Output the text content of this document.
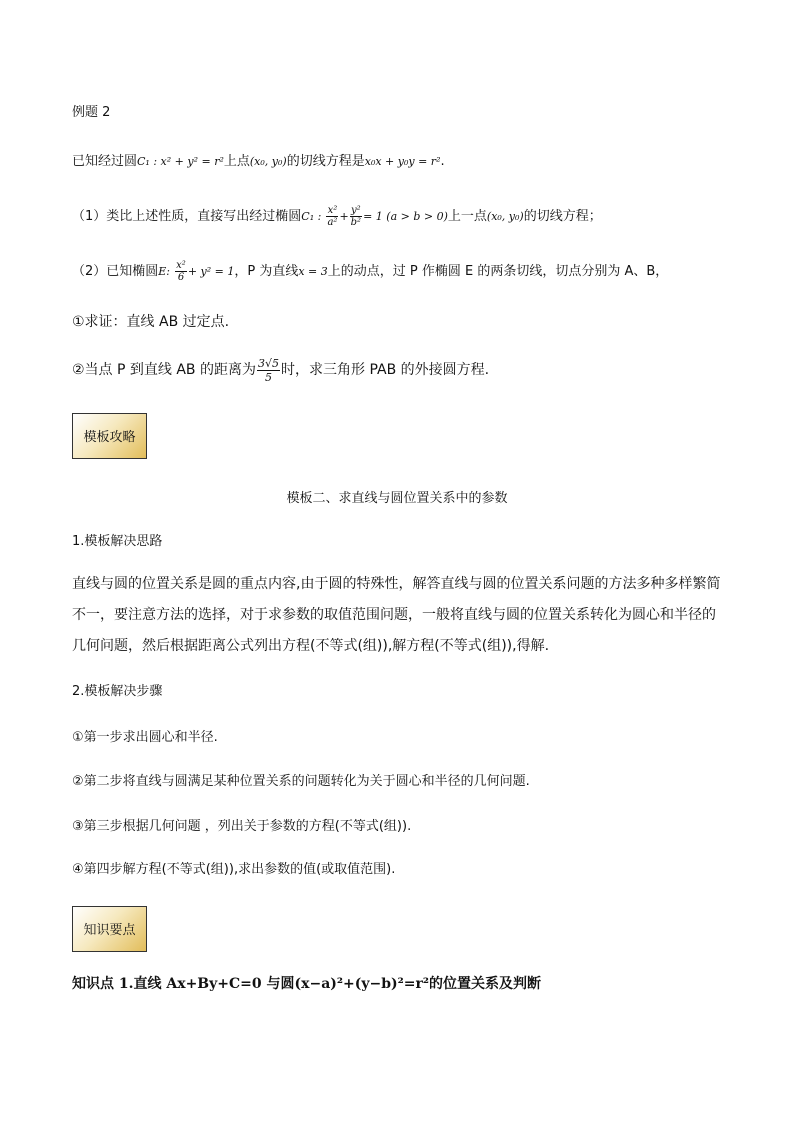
例题 2
已知经过圆C₁ : x² + y² = r²上点(x₀, y₀)的切线方程是x₀x + y₀y = r².
（1）类比上述性质，直接写出经过椭圆C₁ : $\frac{\text{x²}}{\text{a²}} + \frac{\text{y²}}{\text{b²}} = 1$ (a > b > 0)上一点(x₀, y₀)的切线方程；
（2）已知椭圆E: $\frac{\text{x²}}{6} + y^2 = 1$，P 为直线x = 3上的动点，过 P 作椭圆 E 的两条切线，切点分别为 A、B，
①求证：直线 AB 过定点.
②当点 P 到直线 AB 的距离为 $\frac{3√5}{5}$ 时，求三角形 PAB 的外接圆方程.
模板攻略
模板二、求直线与圆位置关系中的参数
1.模板解决思路
直线与圆的位置关系是圆的重点内容,由于圆的特殊性，解答直线与圆的位置关系问题的方法多种多样繁简不一，要注意方法的选择，对于求参数的取值范围问题，一般将直线与圆的位置关系转化为圆心和半径的几何问题，然后根据距离公式列出方程(不等式(组)),解方程(不等式(组)),得解.
2.模板解决步骤
①第一步求出圆心和半径.
②第二步将直线与圆满足某种位置关系的问题转化为关于圆心和半径的几何问题.
③第三步根据几何问题 ，列出关于参数的方程(不等式(组)).
④第四步解方程(不等式(组)),求出参数的值(或取值范围).
知识要点
知识点 1.直线 Ax+By+C=0 与圆(x−a)²+(y−b)²=r²的位置关系及判断
